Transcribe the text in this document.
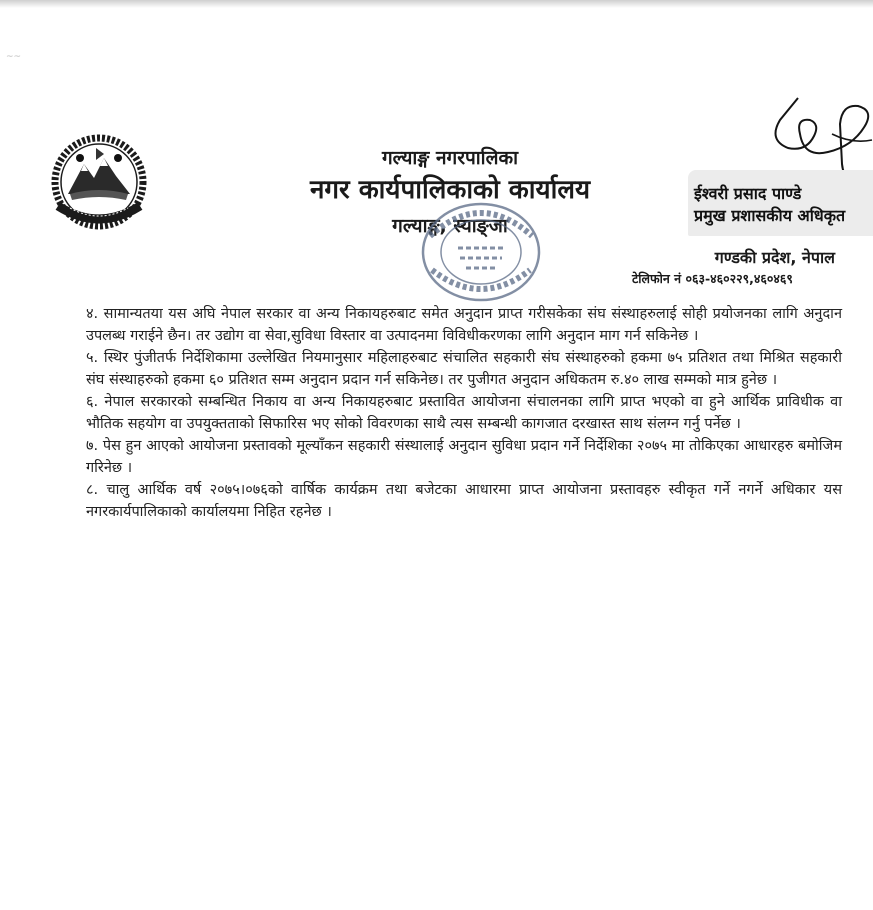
~~
गल्याङ्ग नगरपालिका
नगर कार्यपालिकाको कार्यालय
गल्याङ्ग, स्याङ्जा
ईश्वरी प्रसाद पाण्डे
प्रमुख प्रशासकीय अधिकृत
गण्डकी प्रदेश, नेपाल
टेलिफोन नं ०६३-४६०२२९,४६०४६९

४. सामान्यतया यस अघि नेपाल सरकार वा अन्य निकायहरुबाट समेत अनुदान प्राप्त गरीसकेका संघ संस्थाहरुलाई सोही प्रयोजनका लागि अनुदान उपलब्ध गराईने छैन। तर उद्योग वा सेवा,सुविधा विस्तार वा उत्पादनमा विविधीकरणका लागि अनुदान माग गर्न सकिनेछ ।

५. स्थिर पुंजीतर्फ निर्देशिकामा उल्लेखित नियमानुसार महिलाहरुबाट संचालित सहकारी संघ संस्थाहरुको हकमा ७५ प्रतिशत तथा मिश्रित सहकारी संघ संस्थाहरुको हकमा ६० प्रतिशत सम्म अनुदान प्रदान गर्न सकिनेछ। तर पुजीगत अनुदान अधिकतम रु.४० लाख सम्मको मात्र हुनेछ ।

६. नेपाल सरकारको सम्बन्धित निकाय वा अन्य निकायहरुबाट प्रस्तावित आयोजना संचालनका लागि प्राप्त भएको वा हुने आर्थिक प्राविधीक वा भौतिक सहयोग वा उपयुक्तताको सिफारिस भए सोको विवरणका साथै त्यस सम्बन्धी कागजात दरखास्त साथ संलग्न गर्नु पर्नेछ ।

७. पेस हुन आएको आयोजना प्रस्तावको मूल्याँकन सहकारी संस्थालाई अनुदान सुविधा प्रदान गर्ने निर्देशिका २०७५ मा तोकिएका आधारहरु बमोजिम गरिनेछ ।

८. चालु आर्थिक वर्ष २०७५।०७६को वार्षिक कार्यक्रम तथा बजेटका आधारमा प्राप्त आयोजना प्रस्तावहरु स्वीकृत गर्ने नगर्ने अधिकार यस नगरकार्यपालिकाको कार्यालयमा निहित रहनेछ ।
